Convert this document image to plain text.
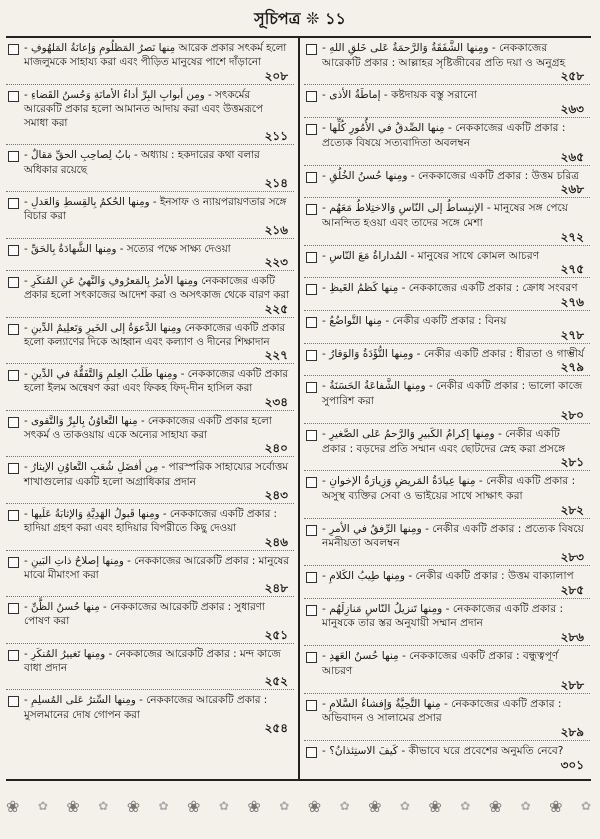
সূচিপত্র ❊ ১১
- مِنها نَصرُ المَظلُومِ وَإعانَةُ المَلهُوفِ আরেক প্রকার সৎকর্ম হলো মাজলুমকে সাহায্য করা এবং পীড়িত মানুষের পাশে দাঁড়ানো
২০৮
- ومِن أبوابِ البِرِّ أداءُ الأمانَةِ وَحُسنُ القَضاءِ - সৎকর্মের আরেকটি প্রকার হলো আমানত আদায় করা এবং উত্তমরূপে সমাধা করা
২১১
- بابُ لِصاحِبِ الحقِّ مَقالٌ - অধ্যায় : হকদারের কথা বলার অধিকার রয়েছে
২১৪
- ومِنها الحُكمُ بِالقِسطِ وَالعَدلِ - ইনসাফ ও ন্যায়পরায়ণতার সঙ্গে বিচার করা
২১৬
- ومِنها الشَّهادَةُ بِالحَقِّ - সত্যের পক্ষে সাক্ষ্য দেওয়া
২২৩
- ومِنها الأمرُ بِالمَعرُوفِ وَالنَّهيُ عَنِ المُنكَرِ নেককাজের একটি প্রকার হলো সৎকাজের আদেশ করা ও অসৎকাজ থেকে বারণ করা
২২৫
- ومِنها الدَّعوَةُ إلى الخَيرِ وَتَعلِيمُ الدِّينِ নেককাজের একটি প্রকার হলো কল্যাণের দিকে আহ্বান এবং কল্যাণ ও দীনের শিক্ষাদান
২২৭
- ومِنها طَلَبُ العِلمِ وَالتَّفَقُّهُ في الدِّينِ - নেককাজের একটি প্রকার হলো ইলম অন্বেষণ করা এবং ফিকহ ফিদ্-দীন হাসিল করা
২৩৪
- مِنها التَّعاوُنُ بِالبِرِّ وَالتَّقوى - নেককাজের একটি প্রকার হলো সৎকর্ম ও তাকওয়ায় একে অন্যের সাহায্য করা
২৪০
- مِن أفضَلِ شُعَبِ التَّعاوُنِ الإيثارُ - পারস্পরিক সাহায্যের সর্বোত্তম শাখাগুলোর একটি হলো অগ্রাধিকার প্রদান
২৪৩
- ومِنها قَبولُ الهَدِيَّةِ وَالإثابَةُ عَلَيها - নেককাজের একটি প্রকার : হাদিয়া গ্রহণ করা এবং হাদিয়ার বিপরীতে কিছু দেওয়া
২৪৬
- ومِنها إصلاحُ ذاتِ البَينِ - নেককাজের আরেকটি প্রকার : মানুষের মাঝে মীমাংসা করা
২৪৮
- مِنها حُسنُ الظَّنِّ - নেককাজের আরেকটি প্রকার : সুধারণা পোষণ করা
২৫১
- ومِنها تَغييرُ المُنكَرِ - নেককাজের আরেকটি প্রকার : মন্দ কাজে বাধা প্রদান
২৫২
- ومِنها السِّترُ عَلى المُسلِمِ - নেককাজের আরেকটি প্রকার : মুসলমানের দোষ গোপন করা
২৫৪
- ومِنها الشَّفَقَةُ وَالرَّحمَةُ عَلى خَلقِ اللهِ - নেককাজের আরেকটি প্রকার : আল্লাহর সৃষ্টিজীবের প্রতি দয়া ও অনুগ্রহ
২৫৮
- إماطَةُ الأذى - কষ্টদায়ক বস্তু সরানো
২৬৩
- مِنها الصِّدقُ في الأُمُورِ كُلِّها - নেককাজের একটি প্রকার : প্রত্যেক বিষয়ে সত্যবাদিতা অবলম্বন
২৬৫
- ومِنها حُسنُ الخُلُقِ - নেককাজের একটি প্রকার : উত্তম চরিত্র
২৬৮
- الإنبِساطُ إلى النّاسِ وَالاختِلاطُ مَعَهُم - মানুষের সঙ্গ পেয়ে আনন্দিত হওয়া এবং তাদের সঙ্গে মেশা
২৭২
- المُداراةُ مَعَ النّاسِ - মানুষের সাথে কোমল আচরণ
২৭৫
- مِنها كَظمُ الغَيظِ - নেককাজের একটি প্রকার : ক্রোধ সংবরণ
২৭৬
- مِنها التَّواضُعُ - নেকীর একটি প্রকার : বিনয়
২৭৮
- ومِنها التُّؤَدَةُ وَالوَقارُ - নেকীর একটি প্রকার : ধীরতা ও গাম্ভীর্য
২৭৯
- ومِنها الشَّفاعَةُ الحَسَنَةُ - নেকীর একটি প্রকার : ভালো কাজে সুপারিশ করা
২৮০
- ومِنها إكرامُ الكَبيرِ وَالرَّحمُ عَلى الصَّغيرِ - নেকীর একটি প্রকার : বড়দের প্রতি সম্মান এবং ছোটদের স্নেহ করা প্রসঙ্গে
২৮১
- مِنها عِيادَةُ المَريضِ وَزِيارَةُ الإخوانِ - নেকীর একটি প্রকার : অসুস্থ ব্যক্তির সেবা ও ভাইয়ের সাথে সাক্ষাৎ করা
২৮২
- ومِنها الرِّفقُ في الأمرِ - নেকীর একটি প্রকার : প্রত্যেক বিষয়ে নমনীয়তা অবলম্বন
২৮৩
- ومِنها طِيبُ الكَلامِ - নেকীর একটি প্রকার : উত্তম বাক্যালাপ
২৮৫
- ومِنها تَنزيلُ النّاسِ مَنازِلَهُم - নেককাজের একটি প্রকার : মানুষকে তার স্তর অনুযায়ী সম্মান প্রদান
২৮৬
- مِنها حُسنُ العَهدِ - নেককাজের একটি প্রকার : বন্ধুত্বপূর্ণ আচরণ
২৮৮
- مِنها التَّحِيَّةُ وَإفشاءُ السَّلامِ - নেককাজের একটি প্রকার : অভিবাদন ও সালামের প্রসার
২৮৯
- كَيفَ الاستِئذانُ؟ - কীভাবে ঘরে প্রবেশের অনুমতি নেবে?
৩০১
❀ ✿ ❀ ✿ ❀ ✿ ❀ ✿ ❀ ✿ ❀ ✿ ❀ ✿ ❀ ✿ ❀ ✿ ❀ ✿
